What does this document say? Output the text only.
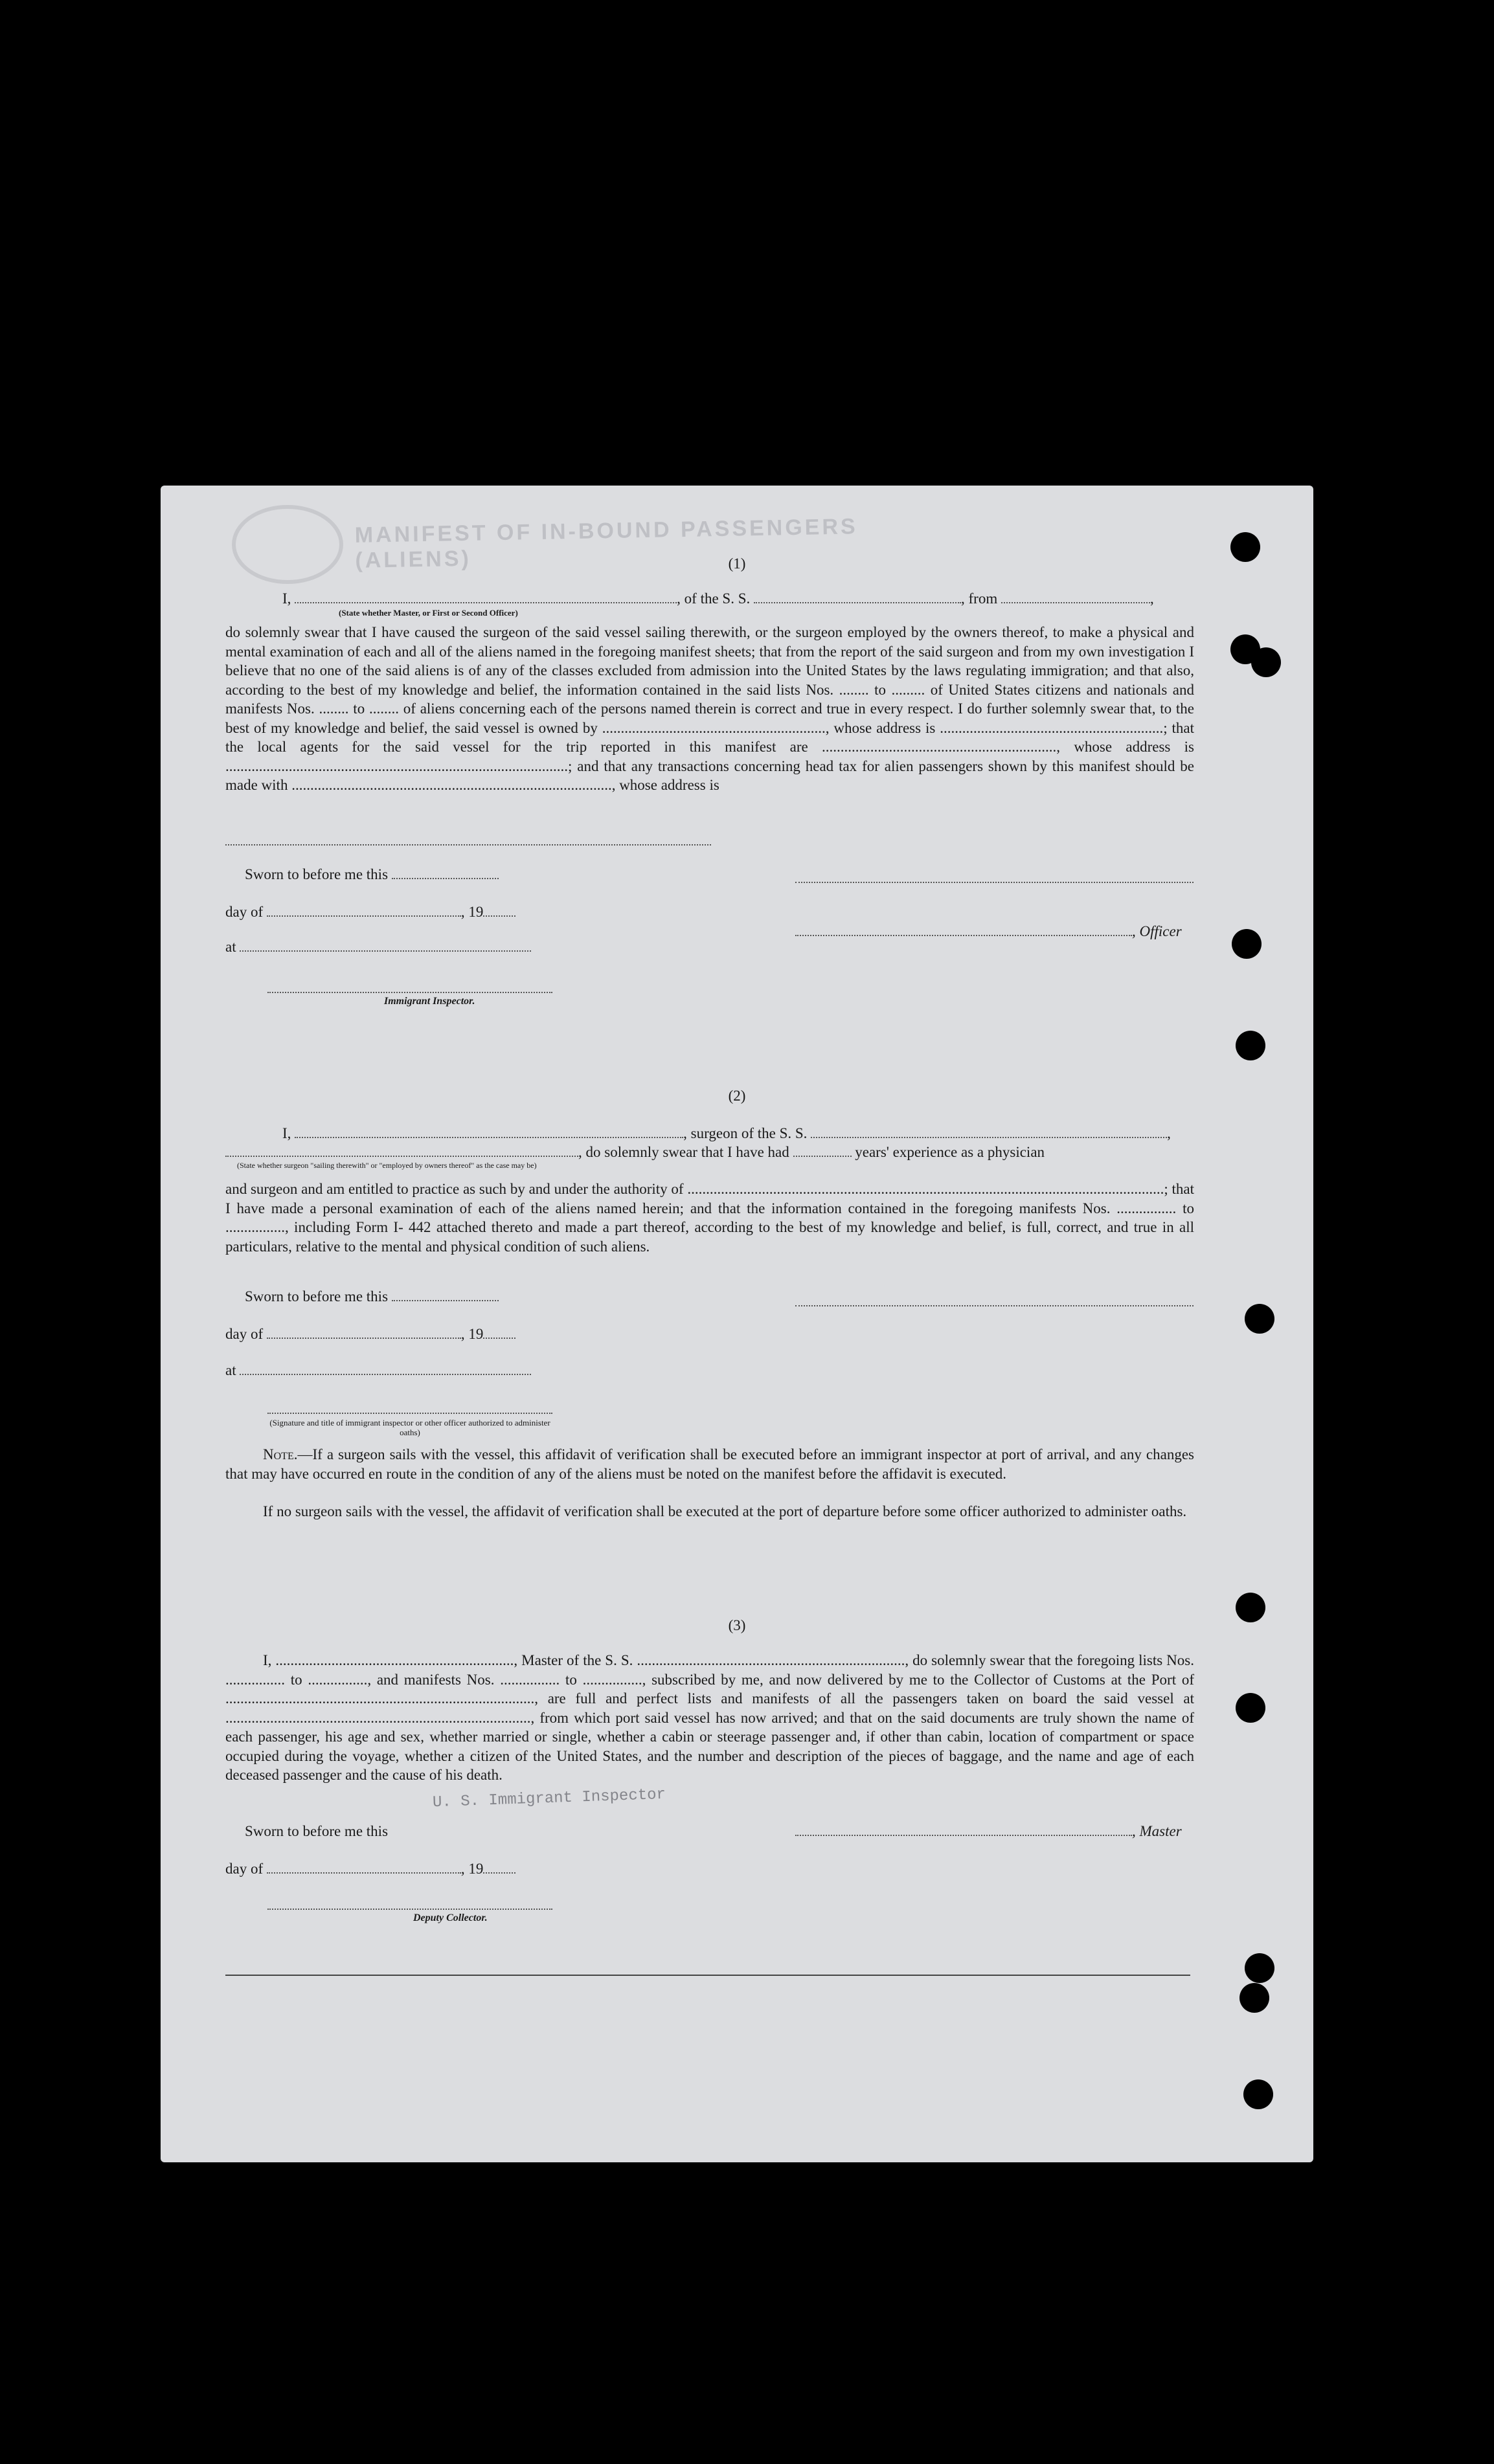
MANIFEST OF IN-BOUND PASSENGERS (ALIENS)	(1)
I,	, of the S. S.	, from	,
(State whether Master, or First or Second Officer)

do solemnly swear that I have caused the surgeon of the said vessel sailing therewith, or the surgeon employed by the owners thereof, to make a physical and mental examination of each and all of the aliens named in the foregoing manifest sheets; that from the report of the said surgeon and from my own investigation I believe that no one of the said aliens is of any of the classes excluded from admission into the United States by the laws regulating immigration; and that also, according to the best of my knowledge and belief, the information contained in the said lists Nos. ........ to ......... of United States citizens and nationals and manifests Nos. ........ to ........ of aliens concerning each of the persons named therein is correct and true in every respect. I do further solemnly swear that, to the best of my knowledge and belief, the said vessel is owned by ............................................................, whose address is ............................................................; that the local agents for the said vessel for the trip reported in this manifest are ..............................................................., whose address is ............................................................................................; and that any transactions concerning head tax for alien passengers shown by this manifest should be made with ......................................................................................, whose address is

Sworn to before me this
day of	, 19
, Officer
at
Immigrant Inspector.
(2)
I,	, surgeon of the S. S.	,
, do solemnly swear that I have had	years' experience as a physician
(State whether surgeon "sailing therewith" or "employed by owners thereof" as the case may be)

and surgeon and am entitled to practice as such by and under the authority of ................................................................................................................................; that I have made a personal examination of each of the aliens named herein; and that the information contained in the foregoing manifests Nos. ................ to ................, including Form I- 442 attached thereto and made a part thereof, according to the best of my knowledge and belief, is full, correct, and true in all particulars, relative to the mental and physical condition of such aliens.

Sworn to before me this
day of	, 19
at
(Signature and title of immigrant inspector or other officer authorized to administer oaths)

Note.—If a surgeon sails with the vessel, this affidavit of verification shall be executed before an immigrant inspector at port of arrival, and any changes that may have occurred en route in the condition of any of the aliens must be noted on the manifest before the affidavit is executed.

If no surgeon sails with the vessel, the affidavit of verification shall be executed at the port of departure before some officer authorized to administer oaths.

(3)

I, ................................................................, Master of the S. S. ........................................................................, do solemnly swear that the foregoing lists Nos. ................ to ................, and manifests Nos. ................ to ................, subscribed by me, and now delivered by me to the Collector of Customs at the Port of ..................................................................................., are full and perfect lists and manifests of all the passengers taken on board the said vessel at .................................................................................., from which port said vessel has now arrived; and that on the said documents are truly shown the name of each passenger, his age and sex, whether married or single, whether a cabin or steerage passenger and, if other than cabin, location of compartment or space occupied during the voyage, whether a citizen of the United States, and the number and description of the pieces of baggage, and the name and age of each deceased passenger and the cause of his death.

U. S. Immigrant Inspector
Sworn to before me this	, Master
day of	, 19
Deputy Collector.
